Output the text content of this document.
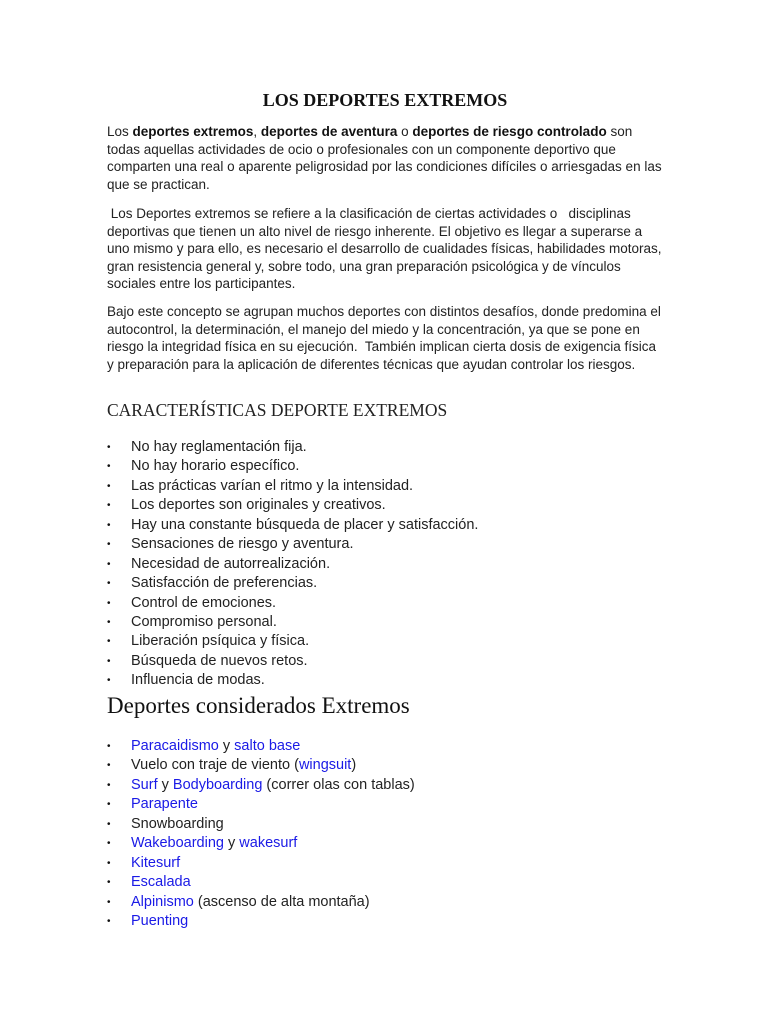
LOS DEPORTES EXTREMOS

Los deportes extremos, deportes de aventura o deportes de riesgo controlado son todas aquellas actividades de ocio o profesionales con un componente deportivo que comparten una real o aparente peligrosidad por las condiciones difíciles o arriesgadas en las que se practican.

Los Deportes extremos se refiere a la clasificación de ciertas actividades o   disciplinas deportivas que tienen un alto nivel de riesgo inherente. El objetivo es llegar a superarse a uno mismo y para ello, es necesario el desarrollo de cualidades físicas, habilidades motoras, gran resistencia general y, sobre todo, una gran preparación psicológica y de vínculos sociales entre los participantes.

Bajo este concepto se agrupan muchos deportes con distintos desafíos, donde predomina el autocontrol, la determinación, el manejo del miedo y la concentración, ya que se pone en riesgo la integridad física en su ejecución.  También implican cierta dosis de exigencia física y preparación para la aplicación de diferentes técnicas que ayudan controlar los riesgos.

CARACTERÍSTICAS DEPORTE EXTREMOS
• No hay reglamentación fija.
• No hay horario específico.
• Las prácticas varían el ritmo y la intensidad.
• Los deportes son originales y creativos.
• Hay una constante búsqueda de placer y satisfacción.
• Sensaciones de riesgo y aventura.
• Necesidad de autorrealización.
• Satisfacción de preferencias.
• Control de emociones.
• Compromiso personal.
• Liberación psíquica y física.
• Búsqueda de nuevos retos.
• Influencia de modas.
Deportes considerados Extremos
• Paracaidismo y salto base
• Vuelo con traje de viento (wingsuit)
• Surf y Bodyboarding (correr olas con tablas)
• Parapente
• Snowboarding
• Wakeboarding y wakesurf
• Kitesurf
• Escalada
• Alpinismo (ascenso de alta montaña)
• Puenting
